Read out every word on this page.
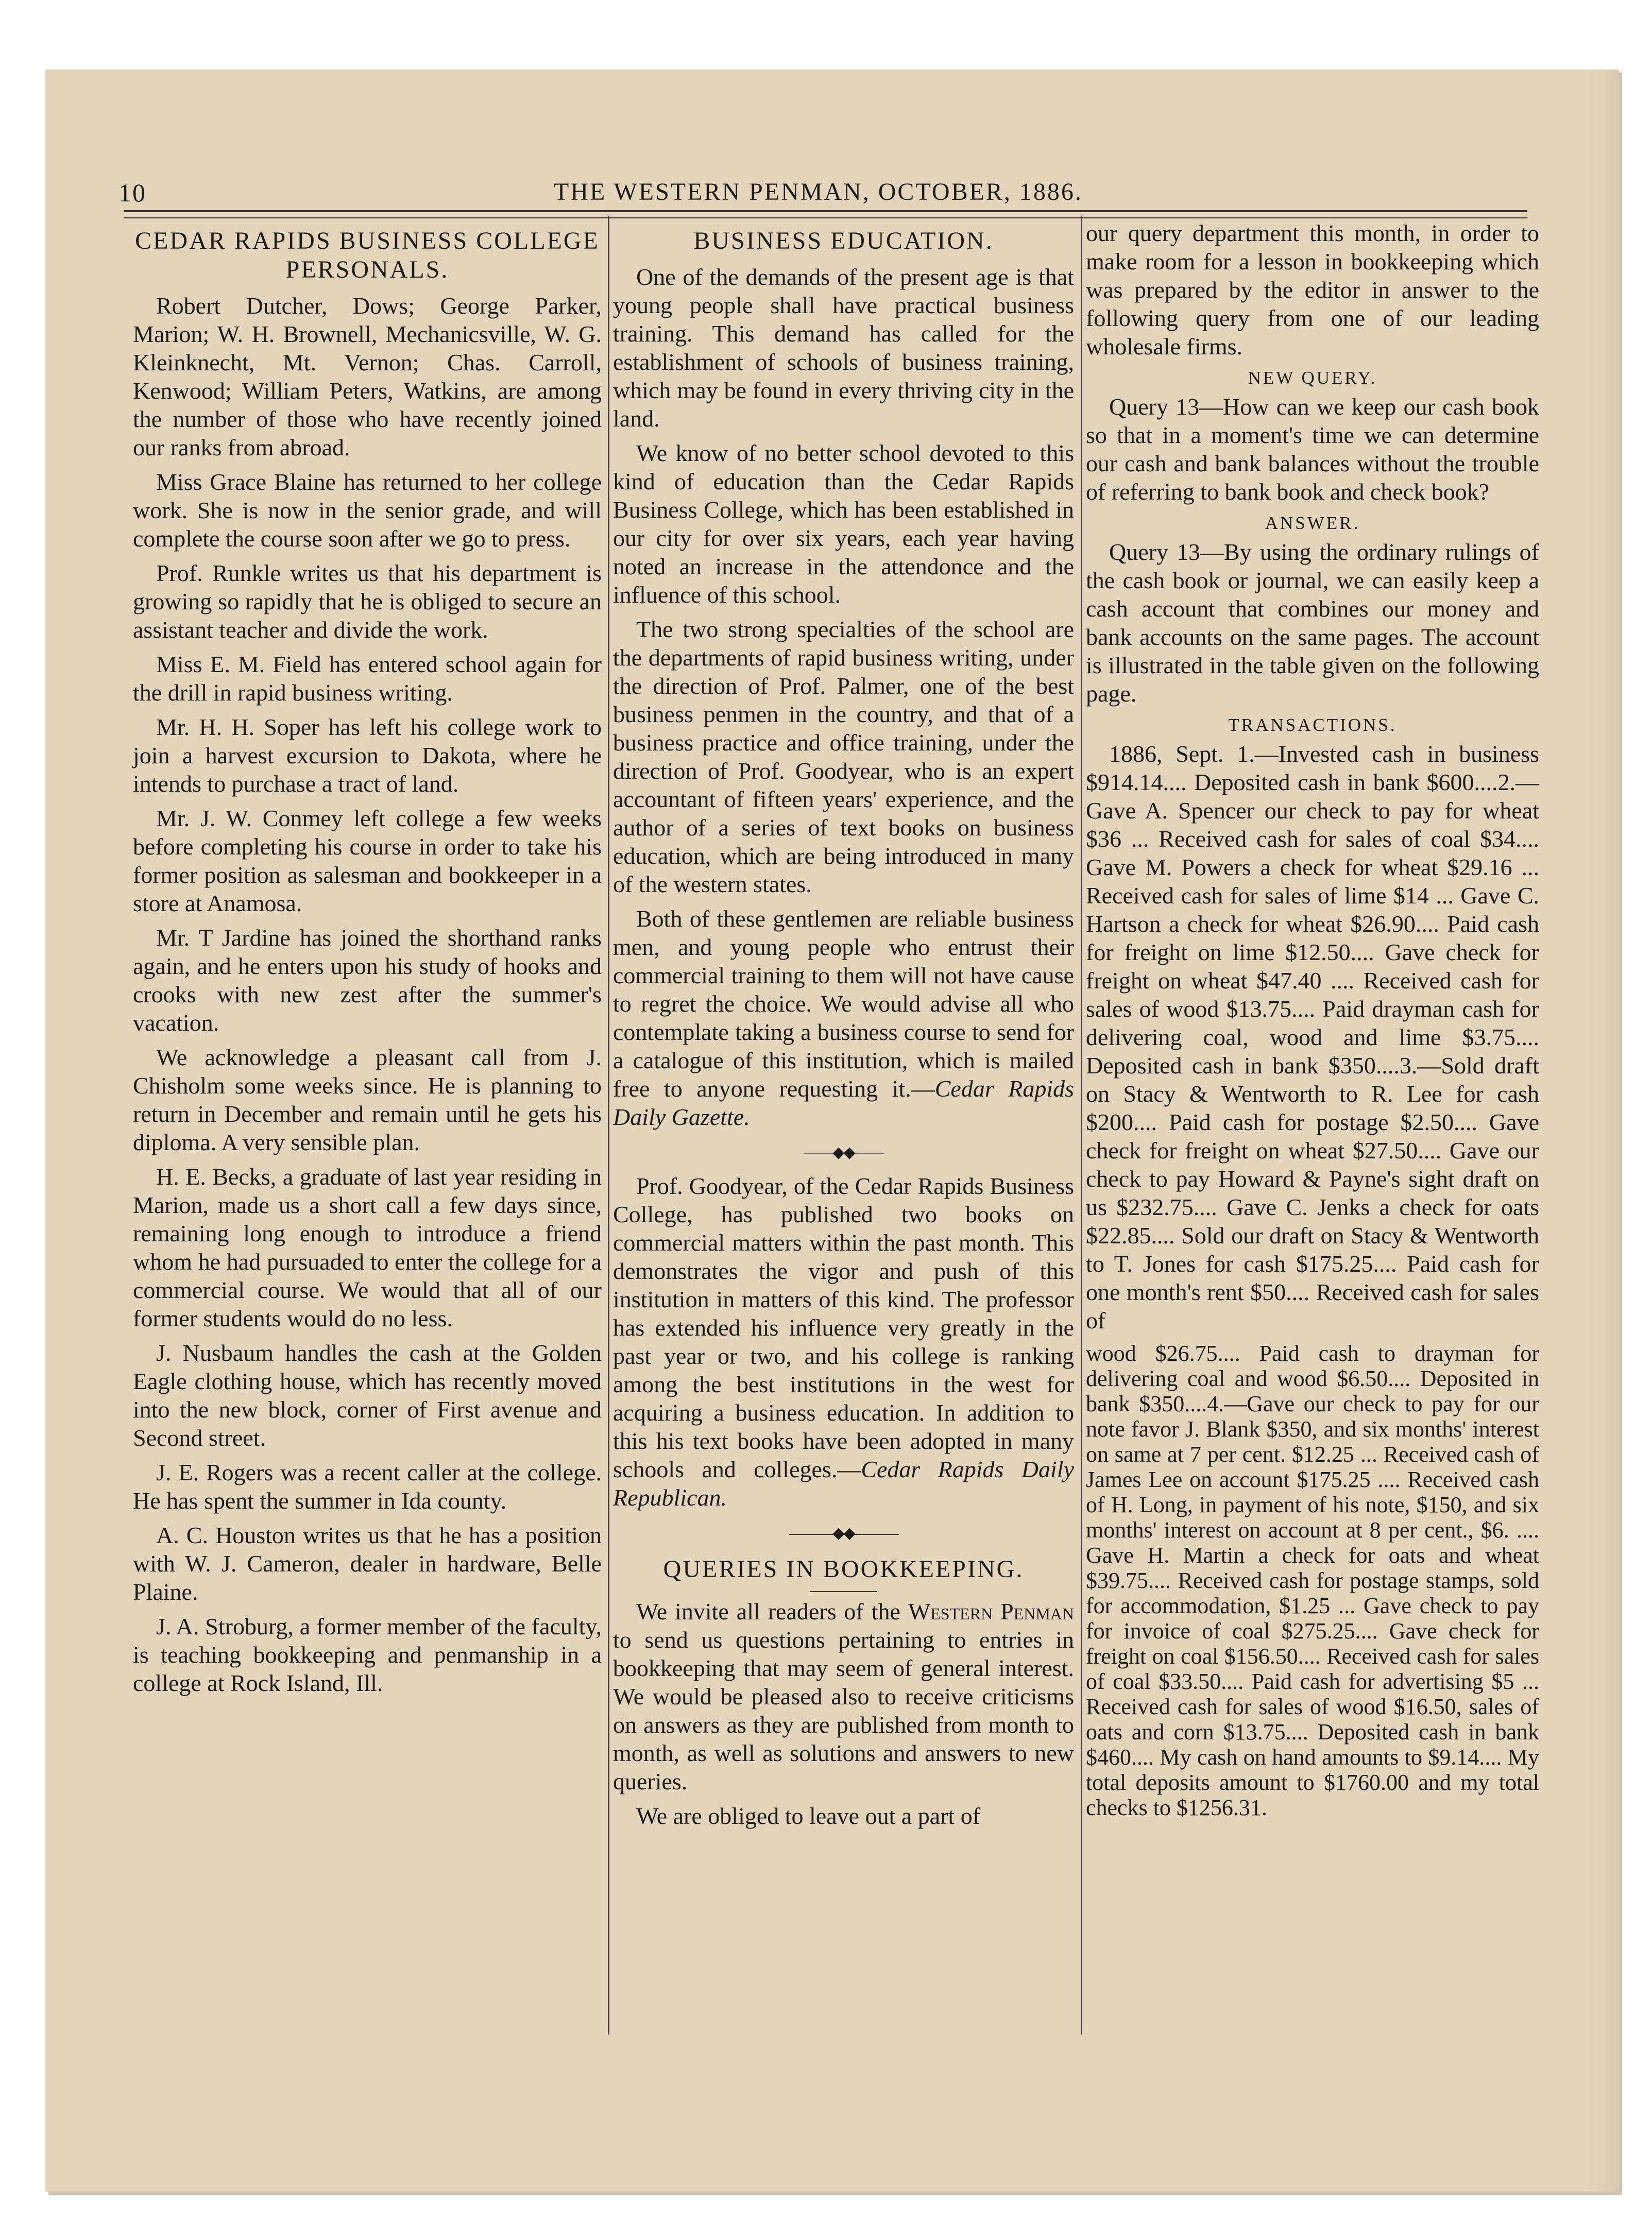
10	THE WESTERN PENMAN, OCTOBER, 1886.
CEDAR RAPIDS BUSINESS COLLEGE PERSONALS.

Robert Dutcher, Dows; George Parker, Marion; W. H. Brownell, Mechanicsville, W. G. Kleinknecht, Mt. Vernon; Chas. Carroll, Kenwood; William Peters, Watkins, are among the number of those who have recently joined our ranks from abroad.

Miss Grace Blaine has returned to her college work. She is now in the senior grade, and will complete the course soon after we go to press.

Prof. Runkle writes us that his department is growing so rapidly that he is obliged to secure an assistant teacher and divide the work.

Miss E. M. Field has entered school again for the drill in rapid business writing.

Mr. H. H. Soper has left his college work to join a harvest excursion to Dakota, where he intends to purchase a tract of land.

Mr. J. W. Conmey left college a few weeks before completing his course in order to take his former position as salesman and bookkeeper in a store at Anamosa.

Mr. T Jardine has joined the shorthand ranks again, and he enters upon his study of hooks and crooks with new zest after the summer's vacation.

We acknowledge a pleasant call from J. Chisholm some weeks since. He is planning to return in December and remain until he gets his diploma. A very sensible plan.

H. E. Becks, a graduate of last year residing in Marion, made us a short call a few days since, remaining long enough to introduce a friend whom he had pursuaded to enter the college for a commercial course. We would that all of our former students would do no less.

J. Nusbaum handles the cash at the Golden Eagle clothing house, which has recently moved into the new block, corner of First avenue and Second street.

J. E. Rogers was a recent caller at the college. He has spent the summer in Ida county.

A. C. Houston writes us that he has a position with W. J. Cameron, dealer in hardware, Belle Plaine.

J. A. Stroburg, a former member of the faculty, is teaching bookkeeping and penmanship in a college at Rock Island, Ill.

BUSINESS EDUCATION.

One of the demands of the present age is that young people shall have practical business training. This demand has called for the establishment of schools of business training, which may be found in every thriving city in the land.

We know of no better school devoted to this kind of education than the Cedar Rapids Business College, which has been established in our city for over six years, each year having noted an increase in the attendonce and the influence of this school.

The two strong specialties of the school are the departments of rapid business writing, under the direction of Prof. Palmer, one of the best business penmen in the country, and that of a business practice and office training, under the direction of Prof. Goodyear, who is an expert accountant of fifteen years' experience, and the author of a series of text books on business education, which are being introduced in many of the western states.

Both of these gentlemen are reliable business men, and young people who entrust their commercial training to them will not have cause to regret the choice. We would advise all who contemplate taking a business course to send for a catalogue of this institution, which is mailed free to anyone requesting it.—Cedar Rapids Daily Gazette.

——◆◆——

Prof. Goodyear, of the Cedar Rapids Business College, has published two books on commercial matters within the past month. This demonstrates the vigor and push of this institution in matters of this kind. The professor has extended his influence very greatly in the past year or two, and his college is ranking among the best institutions in the west for acquiring a business education. In addition to this his text books have been adopted in many schools and colleges.—Cedar Rapids Daily Republican.

———◆◆———
QUERIES IN BOOKKEEPING.

We invite all readers of the Western Penman to send us questions pertaining to entries in bookkeeping that may seem of general interest. We would be pleased also to receive criticisms on answers as they are published from month to month, as well as solutions and answers to new queries.

We are obliged to leave out a part of

our query department this month, in order to make room for a lesson in bookkeeping which was prepared by the editor in answer to the following query from one of our leading wholesale firms.

NEW QUERY.

Query 13—How can we keep our cash book so that in a moment's time we can determine our cash and bank balances without the trouble of referring to bank book and check book?

ANSWER.

Query 13—By using the ordinary rulings of the cash book or journal, we can easily keep a cash account that combines our money and bank accounts on the same pages. The account is illustrated in the table given on the following page.

TRANSACTIONS.

1886, Sept. 1.—Invested cash in business $914.14.... Deposited cash in bank $600....2.—Gave A. Spencer our check to pay for wheat $36 ... Received cash for sales of coal $34.... Gave M. Powers a check for wheat $29.16 ... Received cash for sales of lime $14 ... Gave C. Hartson a check for wheat $26.90.... Paid cash for freight on lime $12.50.... Gave check for freight on wheat $47.40 .... Received cash for sales of wood $13.75.... Paid drayman cash for delivering coal, wood and lime $3.75.... Deposited cash in bank $350....3.—Sold draft on Stacy & Wentworth to R. Lee for cash $200.... Paid cash for postage $2.50.... Gave check for freight on wheat $27.50.... Gave our check to pay Howard & Payne's sight draft on us $232.75.... Gave C. Jenks a check for oats $22.85.... Sold our draft on Stacy & Wentworth to T. Jones for cash $175.25.... Paid cash for one month's rent $50.... Received cash for sales of

wood $26.75.... Paid cash to drayman for delivering coal and wood $6.50.... Deposited in bank $350....4.—Gave our check to pay for our note favor J. Blank $350, and six months' interest on same at 7 per cent. $12.25 ... Received cash of James Lee on account $175.25 .... Received cash of H. Long, in payment of his note, $150, and six months' interest on account at 8 per cent., $6. .... Gave H. Martin a check for oats and wheat $39.75.... Received cash for postage stamps, sold for accommodation, $1.25 ... Gave check to pay for invoice of coal $275.25.... Gave check for freight on coal $156.50.... Received cash for sales of coal $33.50.... Paid cash for advertising $5 ... Received cash for sales of wood $16.50, sales of oats and corn $13.75.... Deposited cash in bank $460.... My cash on hand amounts to $9.14.... My total deposits amount to $1760.00 and my total checks to $1256.31.
